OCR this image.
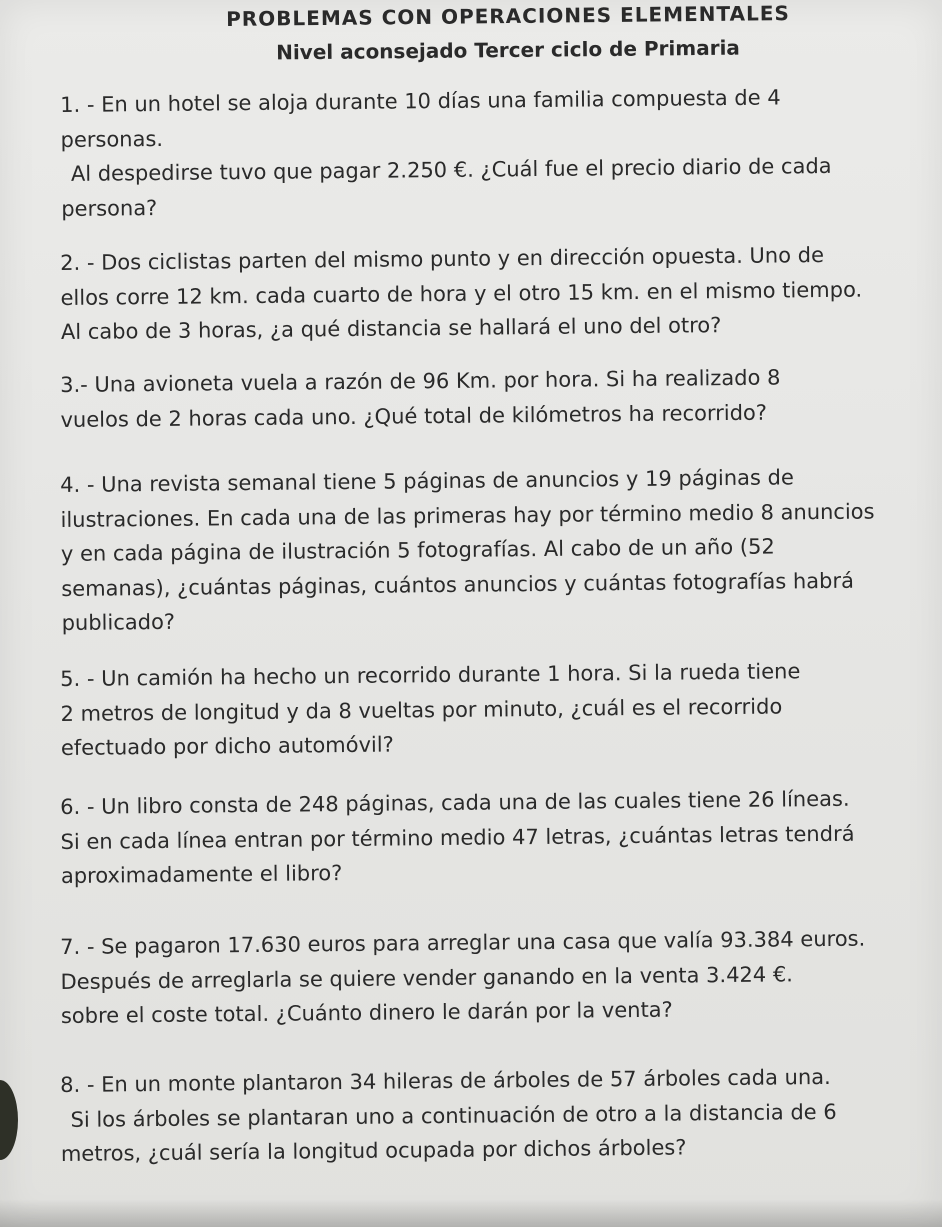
PROBLEMAS CON OPERACIONES ELEMENTALES
Nivel aconsejado Tercer ciclo de Primaria

1. - En un hotel se aloja durante 10 días una familia compuesta de 4

personas.

Al despedirse tuvo que pagar 2.250 €. ¿Cuál fue el precio diario de cada

persona?

2. - Dos ciclistas parten del mismo punto y en dirección opuesta. Uno de

ellos corre 12 km. cada cuarto de hora y el otro 15 km. en el mismo tiempo.

Al cabo de 3 horas, ¿a qué distancia se hallará el uno del otro?

3.- Una avioneta vuela a razón de 96 Km. por hora. Si ha realizado 8

vuelos de 2 horas cada uno. ¿Qué total de kilómetros ha recorrido?

4. - Una revista semanal tiene 5 páginas de anuncios y 19 páginas de

ilustraciones. En cada una de las primeras hay por término medio 8 anuncios

y en cada página de ilustración 5 fotografías. Al cabo de un año (52

semanas), ¿cuántas páginas, cuántos anuncios y cuántas fotografías habrá

publicado?

5. - Un camión ha hecho un recorrido durante 1 hora. Si la rueda tiene

2 metros de longitud y da 8 vueltas por minuto, ¿cuál es el recorrido

efectuado por dicho automóvil?

6. - Un libro consta de 248 páginas, cada una de las cuales tiene 26 líneas.

Si en cada línea entran por término medio 47 letras, ¿cuántas letras tendrá

aproximadamente el libro?

7. - Se pagaron 17.630 euros para arreglar una casa que valía 93.384 euros.

Después de arreglarla se quiere vender ganando en la venta 3.424 €.

sobre el coste total. ¿Cuánto dinero le darán por la venta?

8. - En un monte plantaron 34 hileras de árboles de 57 árboles cada una.

Si los árboles se plantaran uno a continuación de otro a la distancia de 6

metros, ¿cuál sería la longitud ocupada por dichos árboles?
